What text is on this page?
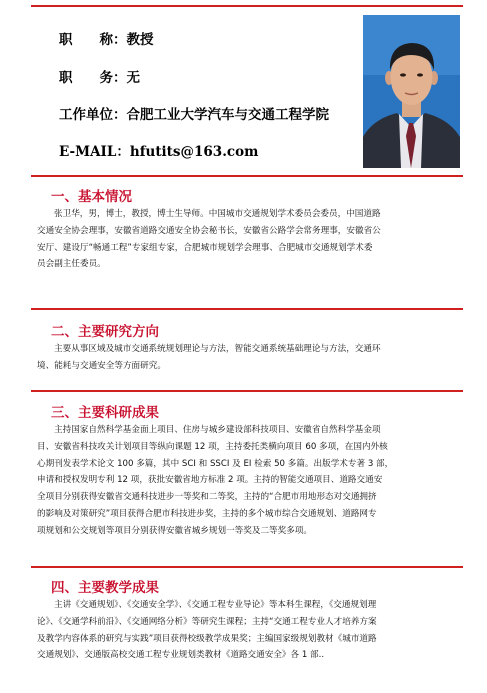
职　　称：教授
职　　务：无
工作单位：合肥工业大学汽车与交通工程学院
E-MAIL：hfutits@163.com
一、基本情况
张卫华，男，博士，教授，博士生导师。中国城市交通规划学术委员会委员，中国道路
交通安全协会理事，安徽省道路交通安全协会秘书长，安徽省公路学会常务理事，安徽省公
安厅、建设厅“畅通工程”专家组专家，合肥城市规划学会理事、合肥城市交通规划学术委
员会副主任委员。
二、主要研究方向
主要从事区域及城市交通系统规划理论与方法，智能交通系统基础理论与方法，交通环
境、能耗与交通安全等方面研究。
三、主要科研成果
主持国家自然科学基金面上项目、住房与城乡建设部科技项目、安徽省自然科学基金项
目、安徽省科技攻关计划项目等纵向课题 12 项，主持委托类横向项目 60 多项，在国内外核
心期刊发表学术论文 100 多篇，其中 SCI 和 SSCI 及 EI 检索 50 多篇。出版学术专著 3 部，
申请和授权发明专利 12 项，获批安徽省地方标准 2 项。主持的智能交通项目、道路交通安
全项目分别获得安徽省交通科技进步一等奖和二等奖，主持的“合肥市用地形态对交通拥挤
的影响及对策研究”项目获得合肥市科技进步奖，主持的多个城市综合交通规划、道路网专
项规划和公交规划等项目分别获得安徽省城乡规划一等奖及二等奖多项。
四、主要教学成果
主讲《交通规划》、《交通安全学》、《交通工程专业导论》等本科生课程，《交通规划理
论》、《交通学科前沿》、《交通网络分析》等研究生课程；主持“交通工程专业人才培养方案
及教学内容体系的研究与实践”项目获得校级教学成果奖；主编国家级规划教材《城市道路
交通规划》、交通版高校交通工程专业规划类教材《道路交通安全》各 1 部..
